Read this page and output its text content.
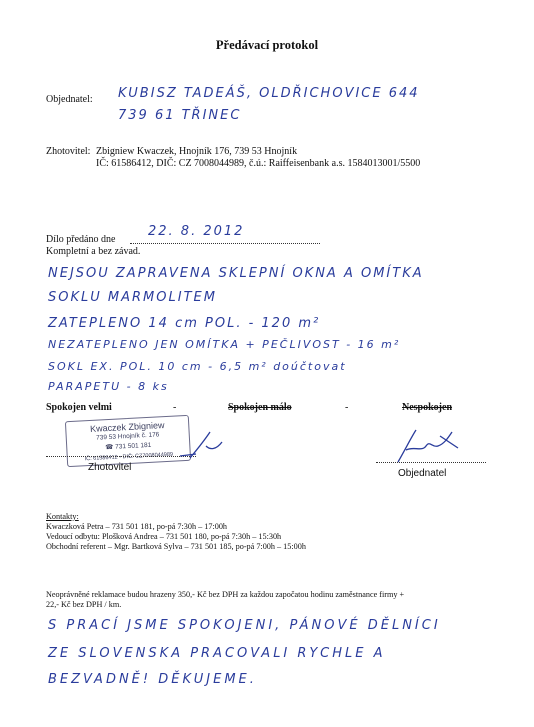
Předávací protokol
Objednatel: KUBISZ TADEÁŠ, OLDŘICHOVICE 644
739 61 TŘINEC
Zhotovitel: Zbigniew Kwaczek, Hnojník 176, 739 53 Hnojník
IČ: 61586412, DIČ: CZ 7008044989, č.ú.: Raiffeisenbank a.s. 1584013001/5500
Dílo předáno dne
22. 8. 2012
Kompletní a bez závad.
NEJSOU ZAPRAVENA SKLEPNÍ OKNA A OMÍTKA
SOKLU MARMOLITEM
ZATEPLENO 14 cm POL. - 120 m²
NEZATEPLENO JEN OMÍTKA + PEČLIVOST - 16 m²
SOKL EX. POL. 10 cm - 6,5 m² doúčtovat
PARAPETU - 8 ks
Spokojen velmi	-	Spokojen málo	-	Nespokojen
Kwaczek Zbigniew
739 53 Hnojník č. 176
☎ 731 501 181
IČ: 61586412 • DIČ: CZ7008044989
Zhotovitel
Objednatel
Kontakty:
Kwaczková Petra – 731 501 181, po-pá 7:30h – 17:00h
Vedoucí odbytu: Plošková Andrea – 731 501 180, po-pá 7:30h – 15:30h
Obchodní referent – Mgr. Bartková Sylva – 731 501 185, po-pá 7:00h – 15:00h
Neoprávněné reklamace budou hrazeny 350,- Kč bez DPH za každou započatou hodinu zaměstnance firmy +
22,- Kč bez DPH / km.
S PRACÍ JSME SPOKOJENI, PÁNOVÉ DĚLNÍCI
ZE SLOVENSKA PRACOVALI RYCHLE A
BEZVADNĚ! DĚKUJEME.
